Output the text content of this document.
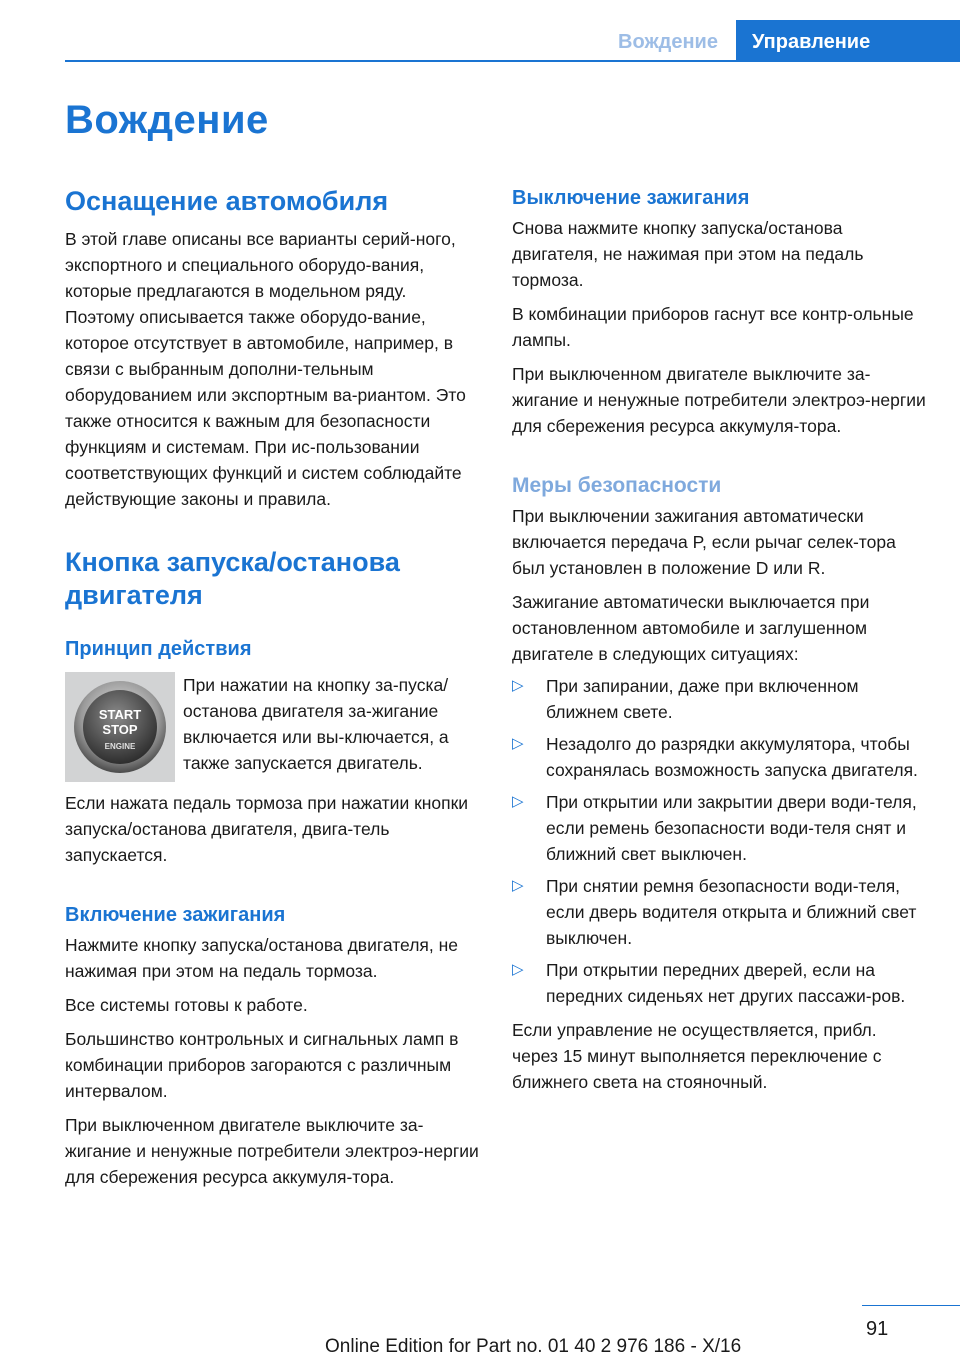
Вождение	Управление
Вождение
Оснащение автомобиля

В этой главе описаны все варианты серий-ного, экспортного и специального оборудо-вания, которые предлагаются в модельном ряду. Поэтому описывается также оборудо-вание, которое отсутствует в автомобиле, например, в связи с выбранным дополни-тельным оборудованием или экспортным ва-риантом. Это также относится к важным для безопасности функциям и системам. При ис-пользовании соответствующих функций и систем соблюдайте действующие законы и правила.

Кнопка запуска/останова двигателя
Принцип действия
START
STOP
ENGINE

При нажатии на кнопку за-пуска/останова двигателя за-жигание включается или вы-ключается, а также запускается двигатель.

Если нажата педаль тормоза при нажатии кнопки запуска/останова двигателя, двига-тель запускается.

Включение зажигания

Нажмите кнопку запуска/останова двигателя, не нажимая при этом на педаль тормоза.

Все системы готовы к работе.

Большинство контрольных и сигнальных ламп в комбинации приборов загораются с различным интервалом.

При выключенном двигателе выключите за-жигание и ненужные потребители электроэ-нергии для сбережения ресурса аккумуля-тора.

Выключение зажигания

Снова нажмите кнопку запуска/останова двигателя, не нажимая при этом на педаль тормоза.

В комбинации приборов гаснут все контр-ольные лампы.

При выключенном двигателе выключите за-жигание и ненужные потребители электроэ-нергии для сбережения ресурса аккумуля-тора.

Меры безопасности

При выключении зажигания автоматически включается передача P, если рычаг селек-тора был установлен в положение D или R.

Зажигание автоматически выключается при остановленном автомобиле и заглушенном двигателе в следующих ситуациях:

▷	При запирании, даже при включенном ближнем свете.

▷	Незадолго до разрядки аккумулятора, чтобы сохранялась возможность запуска двигателя.

▷	При открытии или закрытии двери води-теля, если ремень безопасности води-теля снят и ближний свет выключен.

▷	При снятии ремня безопасности води-теля, если дверь водителя открыта и ближний свет выключен.

▷	При открытии передних дверей, если на передних сиденьях нет других пассажи-ров.

Если управление не осуществляется, прибл. через 15 минут выполняется переключение с ближнего света на стояночный.

91
Online Edition for Part no. 01 40 2 976 186 - X/16
